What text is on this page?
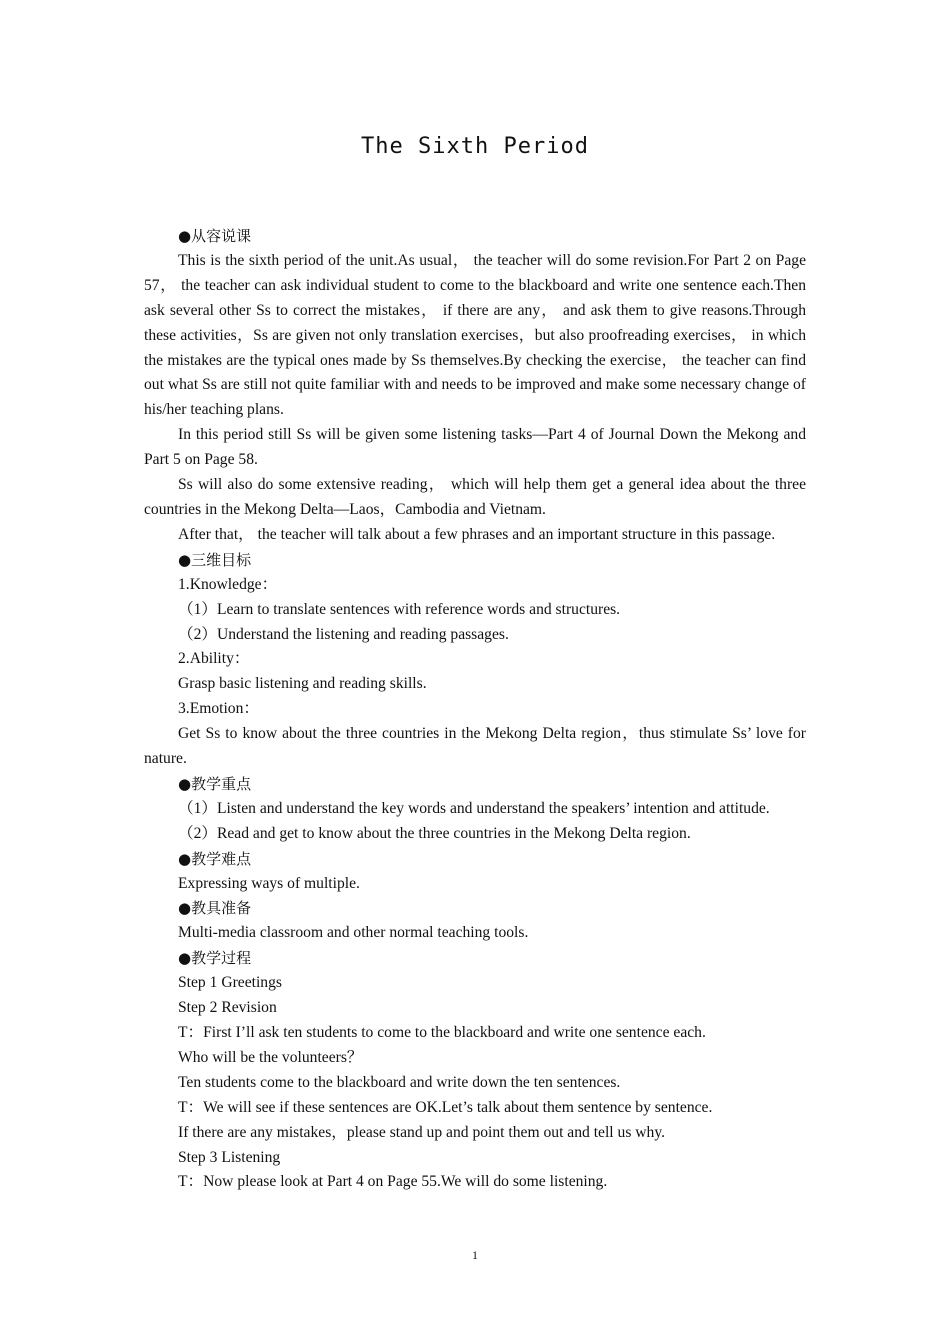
The Sixth Period
●从容说课
This is the sixth period of the unit.As usual， the teacher will do some revision.For Part 2 on Page 57， the teacher can ask individual student to come to the blackboard and write one sentence each.Then ask several other Ss to correct the mistakes， if there are any， and ask them to give reasons.Through these activities，Ss are given not only translation exercises，but also proofreading exercises， in which the mistakes are the typical ones made by Ss themselves.By checking the exercise， the teacher can find out what Ss are still not quite familiar with and needs to be improved and make some necessary change of his/her teaching plans.
In this period still Ss will be given some listening tasks—Part 4 of Journal Down the Mekong and Part 5 on Page 58.
Ss will also do some extensive reading， which will help them get a general idea about the three countries in the Mekong Delta—Laos，Cambodia and Vietnam.
After that， the teacher will talk about a few phrases and an important structure in this passage.
●三维目标
1.Knowledge：
（1）Learn to translate sentences with reference words and structures.
（2）Understand the listening and reading passages.
2.Ability：
Grasp basic listening and reading skills.
3.Emotion：
Get Ss to know about the three countries in the Mekong Delta region，thus stimulate Ss’ love for nature.
●教学重点
（1）Listen and understand the key words and understand the speakers’ intention and attitude.
（2）Read and get to know about the three countries in the Mekong Delta region.
●教学难点
Expressing ways of multiple.
●教具准备
Multi-media classroom and other normal teaching tools.
●教学过程
Step 1 Greetings
Step 2 Revision
T：First I’ll ask ten students to come to the blackboard and write one sentence each.
Who will be the volunteers？
Ten students come to the blackboard and write down the ten sentences.
T：We will see if these sentences are OK.Let’s talk about them sentence by sentence.
If there are any mistakes，please stand up and point them out and tell us why.
Step 3 Listening
T：Now please look at Part 4 on Page 55.We will do some listening.
1
